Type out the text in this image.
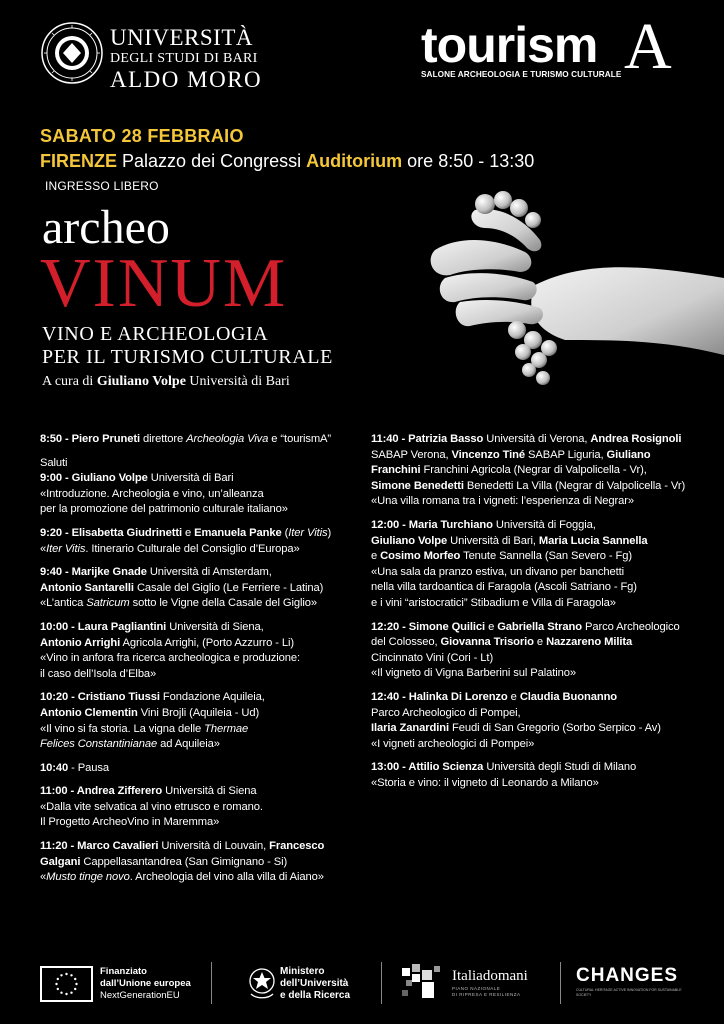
UNIVERSITÀ
DEGLI STUDI DI BARI
ALDO MORO
tourism A
SALONE ARCHEOLOGIA E TURISMO CULTURALE
SABATO 28 FEBBRAIO
FIRENZE Palazzo dei Congressi Auditorium ore 8:50 - 13:30
INGRESSO LIBERO
archeo
VINUM
VINO E ARCHEOLOGIA
PER IL TURISMO CULTURALE
A cura di Giuliano Volpe Università di Bari

8:50 - Piero Pruneti direttore Archeologia Viva e “tourismA”

Saluti

9:00 - Giuliano Volpe Università di Bari

«Introduzione. Archeologia e vino, un’alleanza

per la promozione del patrimonio culturale italiano»

9:20 - Elisabetta Giudrinetti e Emanuela Panke (Iter Vitis)

«Iter Vitis. Itinerario Culturale del Consiglio d’Europa»

9:40 - Marijke Gnade Università di Amsterdam,

Antonio Santarelli Casale del Giglio (Le Ferriere - Latina)

«L’antica Satricum sotto le Vigne della Casale del Giglio»

10:00 - Laura Pagliantini Università di Siena,

Antonio Arrighi Agricola Arrighi, (Porto Azzurro - Li)

«Vino in anfora fra ricerca archeologica e produzione:

il caso dell’Isola d’Elba»

10:20 - Cristiano Tiussi Fondazione Aquileia,

Antonio Clementin Vini Brojli (Aquileia - Ud)

«Il vino si fa storia. La vigna delle Thermae

Felices Constantinianae ad Aquileia»

10:40 - Pausa

11:00 - Andrea Zifferero Università di Siena

«Dalla vite selvatica al vino etrusco e romano.

Il Progetto ArcheoVino in Maremma»

11:20 - Marco Cavalieri Università di Louvain, Francesco

Galgani Cappellasantandrea (San Gimignano - Si)

«Musto tinge novo. Archeologia del vino alla villa di Aiano»

11:40 - Patrizia Basso Università di Verona, Andrea Rosignoli

SABAP Verona, Vincenzo Tiné SABAP Liguria, Giuliano

Franchini Franchini Agricola (Negrar di Valpolicella - Vr),

Simone Benedetti Benedetti La Villa (Negrar di Valpolicella - Vr)

«Una villa romana tra i vigneti: l’esperienza di Negrar»

12:00 - Maria Turchiano Università di Foggia,

Giuliano Volpe Università di Bari, Maria Lucia Sannella

e Cosimo Morfeo Tenute Sannella (San Severo - Fg)

«Una sala da pranzo estiva, un divano per banchetti

nella villa tardoantica di Faragola (Ascoli Satriano - Fg)

e i vini “aristocratici” Stibadium e Villa di Faragola»

12:20 - Simone Quilici e Gabriella Strano Parco Archeologico

del Colosseo, Giovanna Trisorio e Nazzareno Milita

Cincinnato Vini (Cori - Lt)

«Il vigneto di Vigna Barberini sul Palatino»

12:40 - Halinka Di Lorenzo e Claudia Buonanno

Parco Archeologico di Pompei,

Ilaria Zanardini Feudi di San Gregorio (Sorbo Serpico - Av)

«I vigneti archeologici di Pompei»

13:00 - Attilio Scienza Università degli Studi di Milano

«Storia e vino: il vigneto di Leonardo a Milano»

Finanziato
dall’Unione europea
NextGenerationEU
Ministero
dell’Università
e della Ricerca
Italiadomani
PIANO NAZIONALE
DI RIPRESA E RESILIENZA
CHANGES
CULTURAL HERITAGE ACTIVE INNOVATION FOR SUSTAINABLE SOCIETY
